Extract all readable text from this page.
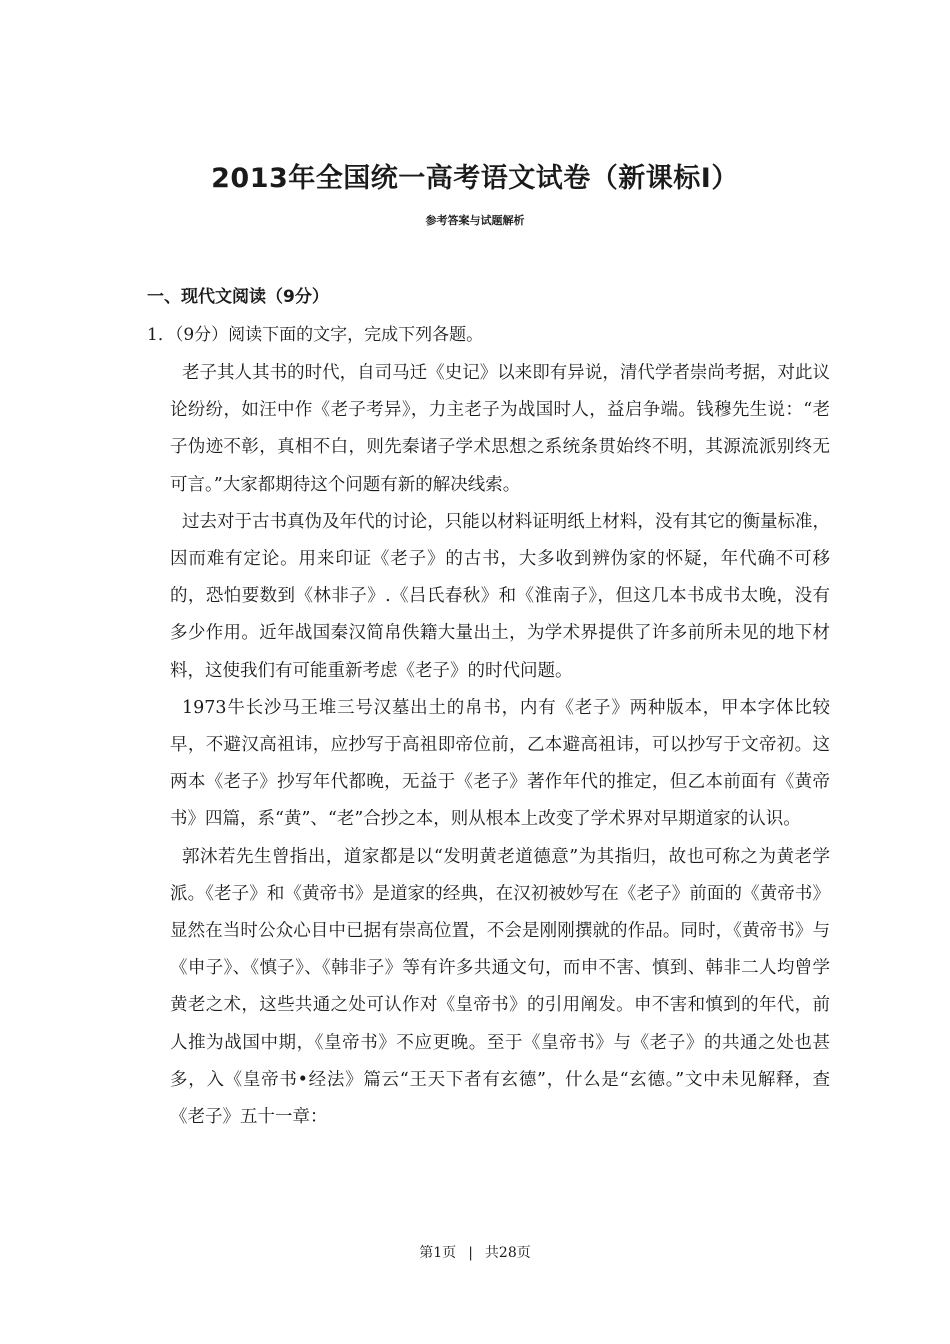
2013年全国统一高考语文试卷（新课标Ⅰ）
参考答案与试题解析
一、现代文阅读（9分）
1．（9分）阅读下面的文字，完成下列各题。

老子其人其书的时代，自司马迁《史记》以来即有异说，清代学者崇尚考据，对此议论纷纷，如汪中作《老子考异》，力主老子为战国时人，益启争端。钱穆先生说：“老子伪迹不彰，真相不白，则先秦诸子学术思想之系统条贯始终不明，其源流派别终无可言。”大家都期待这个问题有新的解决线索。

过去对于古书真伪及年代的讨论，只能以材料证明纸上材料，没有其它的衡量标准，因而难有定论。用来印证《老子》的古书，大多收到辨伪家的怀疑，年代确不可移的，恐怕要数到《林非子》.《吕氏春秋》和《淮南子》，但这几本书成书太晚，没有多少作用。近年战国秦汉简帛佚籍大量出土，为学术界提供了许多前所未见的地下材料，这使我们有可能重新考虑《老子》的时代问题。

1973牛长沙马王堆三号汉墓出土的帛书，内有《老子》两种版本，甲本字体比较早，不避汉高祖讳，应抄写于高祖即帝位前，乙本避高祖讳，可以抄写于文帝初。这两本《老子》抄写年代都晚，无益于《老子》著作年代的推定，但乙本前面有《黄帝书》四篇，系“黄”、“老”合抄之本，则从根本上改变了学术界对早期道家的认识。

郭沐若先生曾指出，道家都是以“发明黄老道德意”为其指归，故也可称之为黄老学派。《老子》和《黄帝书》是道家的经典，在汉初被妙写在《老子》前面的《黄帝书》显然在当时公众心目中已据有崇高位置，不会是刚刚撰就的作品。同时，《黄帝书》与《申子》、《慎子》、《韩非子》等有许多共通文句，而申不害、慎到、韩非二人均曾学黄老之术，这些共通之处可认作对《皇帝书》的引用阐发。申不害和慎到的年代，前人推为战国中期，《皇帝书》不应更晚。至于《皇帝书》与《老子》的共通之处也甚多，入《皇帝书•经法》篇云“王天下者有玄德”，什么是“玄德。”文中未见解释，查《老子》五十一章：

第1页 | 共28页
